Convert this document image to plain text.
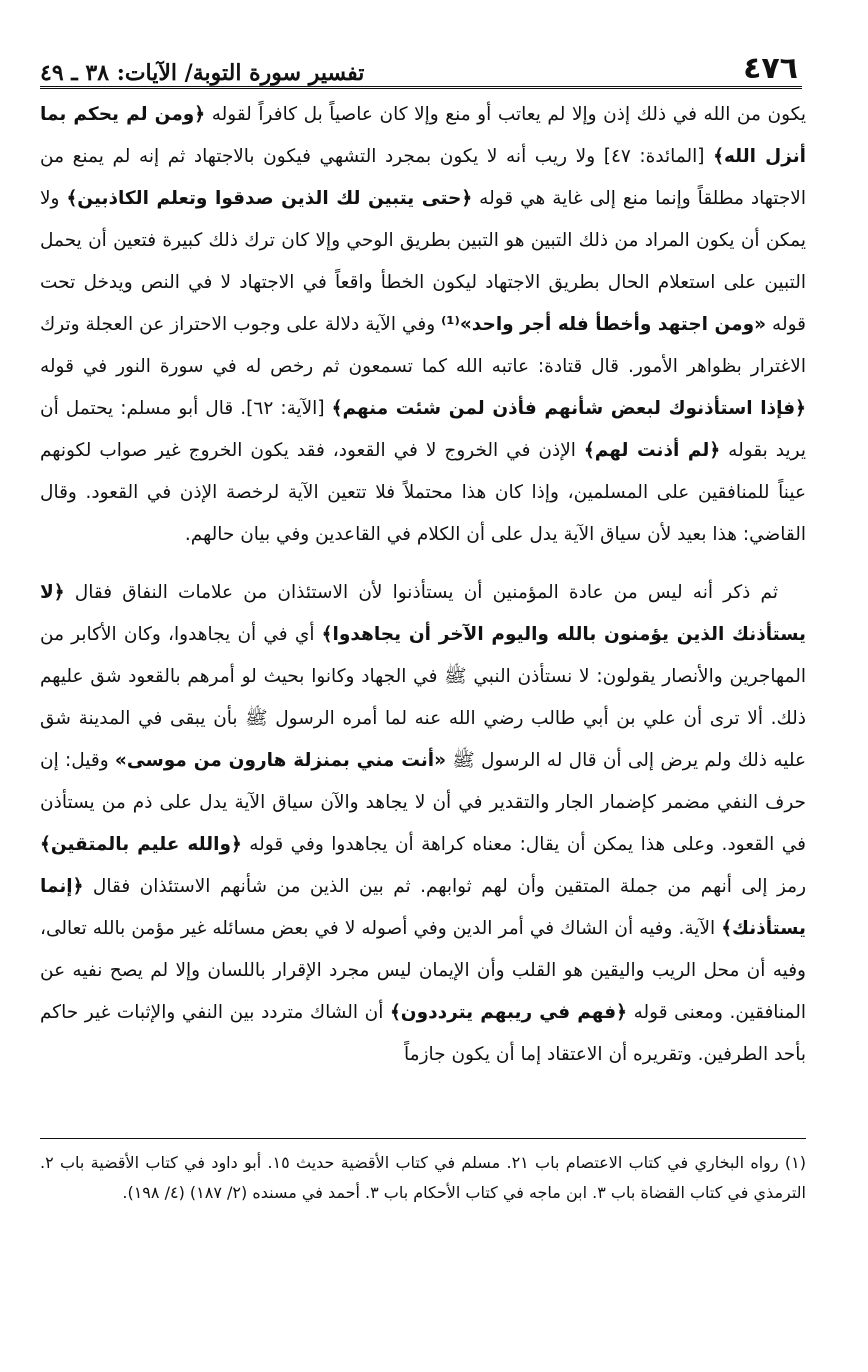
٤٧٦
تفسير سورة التوبة/ الآيات: ٣٨ ـ ٤٩

يكون من الله في ذلك إذن وإلا لم يعاتب أو منع وإلا كان عاصياً بل كافراً لقوله ﴿ومن لم يحكم بما أنزل الله﴾ [المائدة: ٤٧] ولا ريب أنه لا يكون بمجرد التشهي فيكون بالاجتهاد ثم إنه لم يمنع من الاجتهاد مطلقاً وإنما منع إلى غاية هي قوله ﴿حتى يتبين لك الذين صدقوا وتعلم الكاذبين﴾ ولا يمكن أن يكون المراد من ذلك التبين هو التبين بطريق الوحي وإلا كان ترك ذلك كبيرة فتعين أن يحمل التبين على استعلام الحال بطريق الاجتهاد ليكون الخطأ واقعاً في الاجتهاد لا في النص ويدخل تحت قوله «ومن اجتهد وأخطأ فله أجر واحد»⁽¹⁾ وفي الآية دلالة على وجوب الاحتراز عن العجلة وترك الاغترار بظواهر الأمور. قال قتادة: عاتبه الله كما تسمعون ثم رخص له في سورة النور في قوله ﴿فإذا استأذنوك لبعض شأنهم فأذن لمن شئت منهم﴾ [الآية: ٦٢]. قال أبو مسلم: يحتمل أن يريد بقوله ﴿لم أذنت لهم﴾ الإذن في الخروج لا في القعود، فقد يكون الخروج غير صواب لكونهم عيناً للمنافقين على المسلمين، وإذا كان هذا محتملاً فلا تتعين الآية لرخصة الإذن في القعود. وقال القاضي: هذا بعيد لأن سياق الآية يدل على أن الكلام في القاعدين وفي بيان حالهم.

ثم ذكر أنه ليس من عادة المؤمنين أن يستأذنوا لأن الاستئذان من علامات النفاق فقال ﴿لا يستأذنك الذين يؤمنون بالله واليوم الآخر أن يجاهدوا﴾ أي في أن يجاهدوا، وكان الأكابر من المهاجرين والأنصار يقولون: لا نستأذن النبي ﷺ في الجهاد وكانوا بحيث لو أمرهم بالقعود شق عليهم ذلك. ألا ترى أن علي بن أبي طالب رضي الله عنه لما أمره الرسول ﷺ بأن يبقى في المدينة شق عليه ذلك ولم يرض إلى أن قال له الرسول ﷺ «أنت مني بمنزلة هارون من موسى» وقيل: إن حرف النفي مضمر كإضمار الجار والتقدير في أن لا يجاهد والآن سياق الآية يدل على ذم من يستأذن في القعود. وعلى هذا يمكن أن يقال: معناه كراهة أن يجاهدوا وفي قوله ﴿والله عليم بالمتقين﴾ رمز إلى أنهم من جملة المتقين وأن لهم ثوابهم. ثم بين الذين من شأنهم الاستئذان فقال ﴿إنما يستأذنك﴾ الآية. وفيه أن الشاك في أمر الدين وفي أصوله لا في بعض مسائله غير مؤمن بالله تعالى، وفيه أن محل الريب واليقين هو القلب وأن الإيمان ليس مجرد الإقرار باللسان وإلا لم يصح نفيه عن المنافقين. ومعنى قوله ﴿فهم في ريبهم يترددون﴾ أن الشاك متردد بين النفي والإثبات غير حاكم بأحد الطرفين. وتقريره أن الاعتقاد إما أن يكون جازماً

(١) رواه البخاري في كتاب الاعتصام باب ٢١. مسلم في كتاب الأقضية حديث ١٥. أبو داود في كتاب الأقضية باب ٢. الترمذي في كتاب القضاة باب ٣. ابن ماجه في كتاب الأحكام باب ٣. أحمد في مسنده (٢/ ١٨٧) (٤/ ١٩٨).
